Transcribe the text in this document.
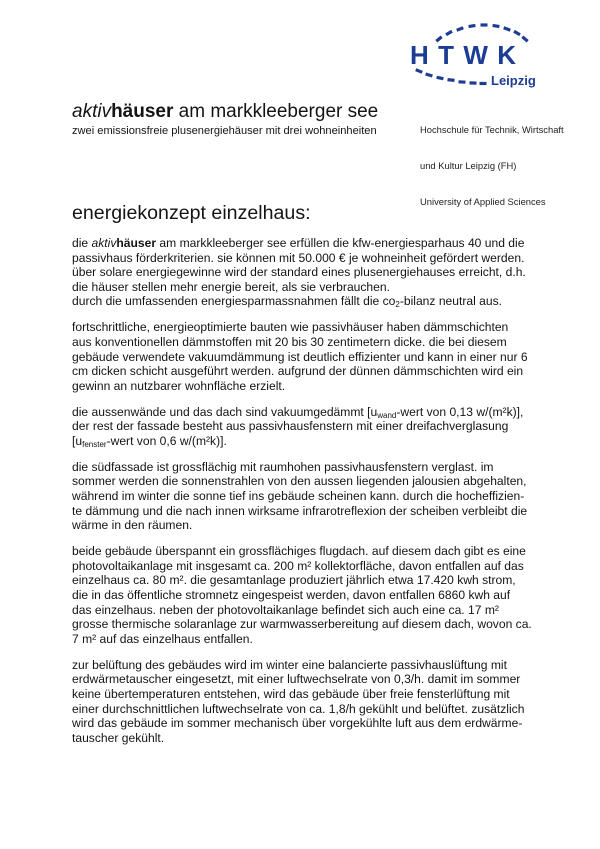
HTWK
Leipzig
aktivhäuser am markkleeberger see
zwei emissionsfreie plusenergiehäuser mit drei wohneinheiten

	Hochschule für Technik, Wirtschaft

und Kultur Leipzig (FH)

University of Applied Sciences

energiekonzept einzelhaus:
die aktivhäuser am markkleeberger see erfüllen die kfw-energiesparhaus 40 und die
passivhaus förderkriterien. sie können mit 50.000 € je wohneinheit gefördert werden.
über solare energiegewinne wird der standard eines plusenergiehauses erreicht, d.h.
die häuser stellen mehr energie bereit, als sie verbrauchen.
durch die umfassenden energiesparmassnahmen fällt die $co_2$-bilanz neutral aus.
fortschrittliche, energieoptimierte bauten wie passivhäuser haben dämmschichten
aus konventionellen dämmstoffen mit 20 bis 30 zentimetern dicke. die bei diesem
gebäude verwendete vakuumdämmung ist deutlich effizienter und kann in einer nur 6
cm dicken schicht ausgeführt werden. aufgrund der dünnen dämmschichten wird ein
gewinn an nutzbarer wohnfläche erzielt.
die aussenwände und das dach sind vakuumgedämmt [$u_{wand}$-wert von 0,13 w/(m²k)],
der rest der fassade besteht aus passivhausfenstern mit einer dreifachverglasung
[$u_{fenster}$-wert von 0,6 w/(m²k)].
die südfassade ist grossflächig mit raumhohen passivhausfenstern verglast. im
sommer werden die sonnenstrahlen von den aussen liegenden jalousien abgehalten,
während im winter die sonne tief ins gebäude scheinen kann. durch die hocheffizien-
te dämmung und die nach innen wirksame infrarotreflexion der scheiben verbleibt die
wärme in den räumen.
beide gebäude überspannt ein grossflächiges flugdach. auf diesem dach gibt es eine
photovoltaikanlage mit insgesamt ca. 200 m² kollektorfläche, davon entfallen auf das
einzelhaus ca. 80 m². die gesamtanlage produziert jährlich etwa 17.420 kwh strom,
die in das öffentliche stromnetz eingespeist werden, davon entfallen 6860 kwh auf
das einzelhaus. neben der photovoltaikanlage befindet sich auch eine ca. 17 m²
grosse thermische solaranlage zur warmwasserbereitung auf diesem dach, wovon ca.
7 m² auf das einzelhaus entfallen.
zur belüftung des gebäudes wird im winter eine balancierte passivhauslüftung mit
erdwärmetauscher eingesetzt, mit einer luftwechselrate von 0,3/h. damit im sommer
keine übertemperaturen entstehen, wird das gebäude über freie fensterlüftung mit
einer durchschnittlichen luftwechselrate von ca. 1,8/h gekühlt und belüftet. zusätzlich
wird das gebäude im sommer mechanisch über vorgekühlte luft aus dem erdwärme-
tauscher gekühlt.
